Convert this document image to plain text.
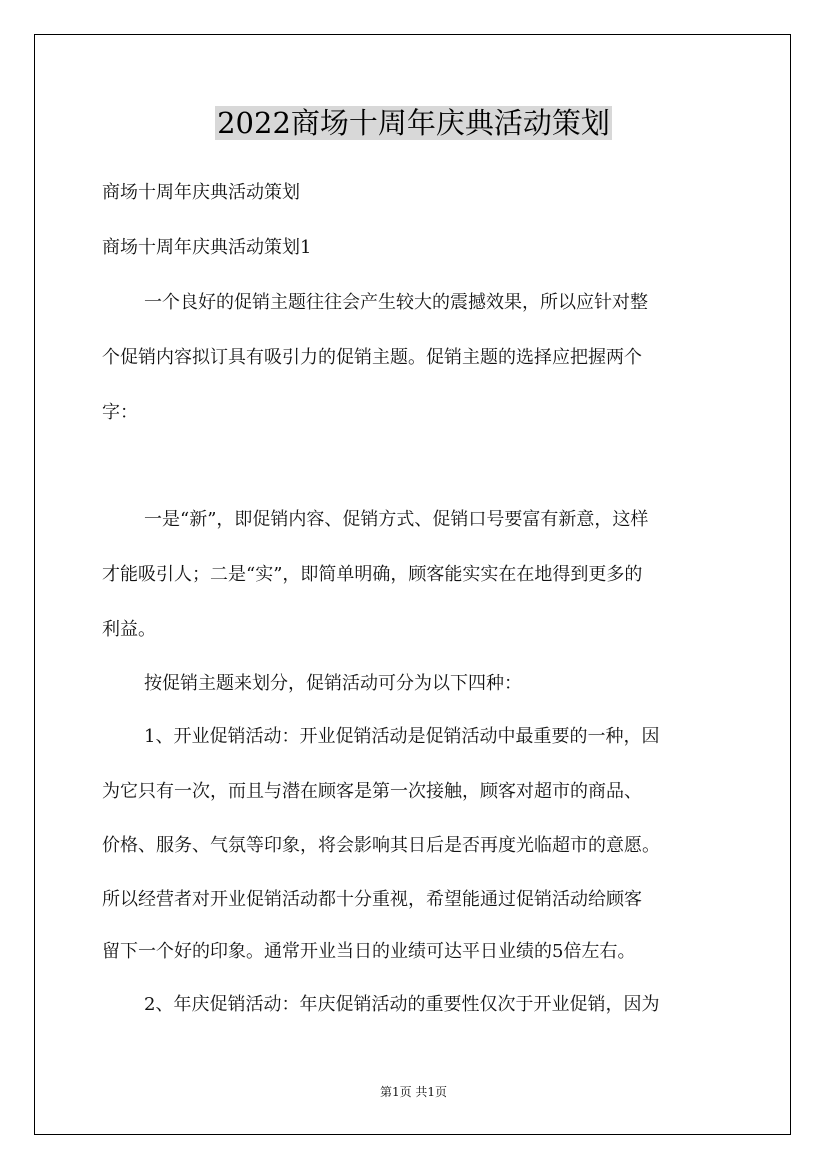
2022商场十周年庆典活动策划
商场十周年庆典活动策划
商场十周年庆典活动策划1
一个良好的促销主题往往会产生较大的震撼效果，所以应针对整
个促销内容拟订具有吸引力的促销主题。促销主题的选择应把握两个
字：
一是“新”，即促销内容、促销方式、促销口号要富有新意，这样
才能吸引人；二是“实”，即简单明确，顾客能实实在在地得到更多的
利益。
按促销主题来划分，促销活动可分为以下四种：
1、开业促销活动：开业促销活动是促销活动中最重要的一种，因
为它只有一次，而且与潜在顾客是第一次接触，顾客对超市的商品、
价格、服务、气氛等印象，将会影响其日后是否再度光临超市的意愿。
所以经营者对开业促销活动都十分重视，希望能通过促销活动给顾客
留下一个好的印象。通常开业当日的业绩可达平日业绩的5倍左右。
2、年庆促销活动：年庆促销活动的重要性仅次于开业促销，因为
第1页 共1页
